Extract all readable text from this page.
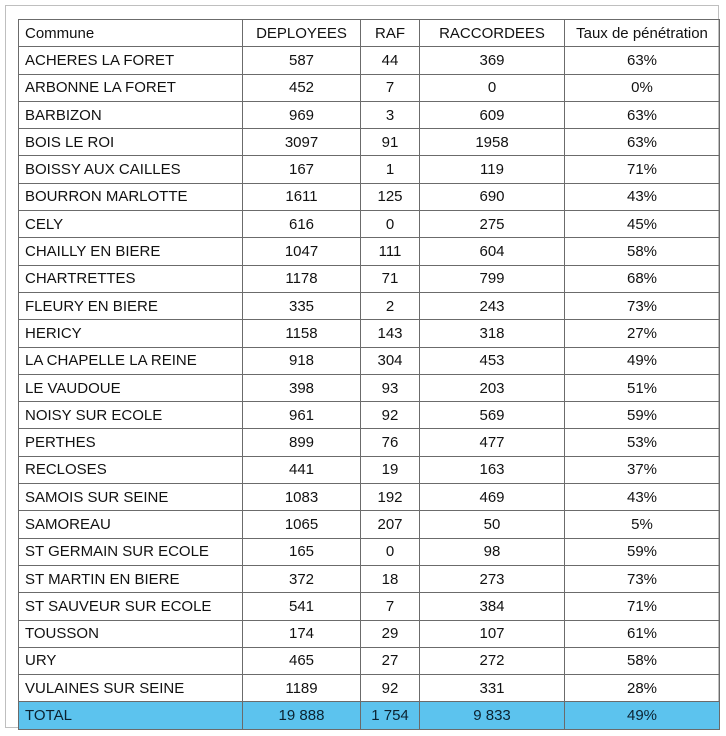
Commune	DEPLOYEES	RAF	RACCORDEES	Taux de pénétration
ACHERES LA FORET	587	44	369	63%
ARBONNE LA FORET	452	7	0	0%
BARBIZON	969	3	609	63%
BOIS LE ROI	3097	91	1958	63%
BOISSY AUX CAILLES	167	1	119	71%
BOURRON MARLOTTE	1611	125	690	43%
CELY	616	0	275	45%
CHAILLY EN BIERE	1047	111	604	58%
CHARTRETTES	1178	71	799	68%
FLEURY EN BIERE	335	2	243	73%
HERICY	1158	143	318	27%
LA CHAPELLE LA REINE	918	304	453	49%
LE VAUDOUE	398	93	203	51%
NOISY SUR ECOLE	961	92	569	59%
PERTHES	899	76	477	53%
RECLOSES	441	19	163	37%
SAMOIS SUR SEINE	1083	192	469	43%
SAMOREAU	1065	207	50	5%
ST GERMAIN SUR ECOLE	165	0	98	59%
ST MARTIN EN BIERE	372	18	273	73%
ST SAUVEUR SUR ECOLE	541	7	384	71%
TOUSSON	174	29	107	61%
URY	465	27	272	58%
VULAINES SUR SEINE	1189	92	331	28%
TOTAL	19 888	1 754	9 833	49%
